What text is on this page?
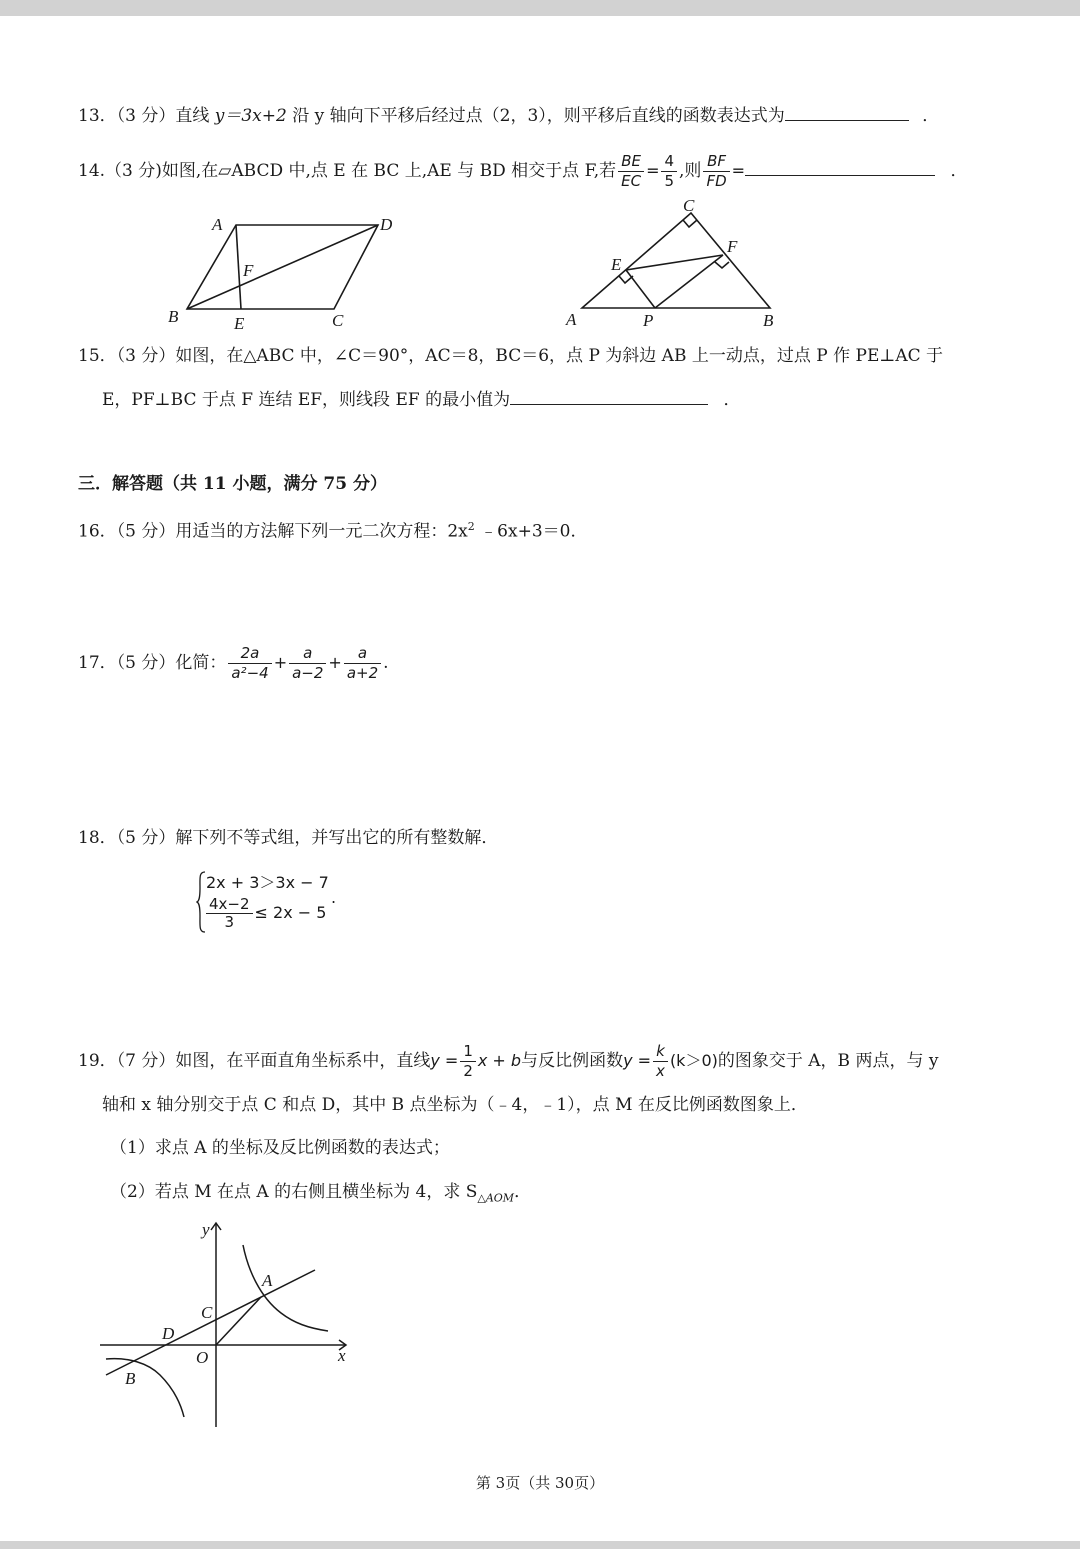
13．（3 分）直线 y＝3x+2 沿 y 轴向下平移后经过点（2，3），则平移后直线的函数表达式为	．
14.（3 分)如图,在▱ABCD 中,点 E 在 BC 上,AE 与 BD 相交于点 F,若 $\frac{BE}{EC} = \frac{4}{5}$ ,则 $\frac{BF}{FD}$ =	．
A	D
F
B	E	C
C
F
E
A	P	B
15．（3 分）如图，在△ABC 中，∠C＝90°，AC＝8，BC＝6，点 P 为斜边 AB 上一动点，过点 P 作 PE⊥AC 于
E，PF⊥BC 于点 F 连结 EF，则线段 EF 的最小值为	．
三．解答题（共 11 小题，满分 75 分）
16．（5 分）用适当的方法解下列一元二次方程：$2x^2$ ﹣6x+3＝0．
17．（5 分）化简： $\frac{2a}{\text{a²−4}} + \frac{a}{a-2} + \frac{a}{a+2}$ .
18．（5 分）解下列不等式组，并写出它的所有整数解．
2x + 3＞3x − 7
$\frac{4x-2}{3} \le 2x - 5$
.
19．（7 分）如图，在平面直角坐标系中，直线$y = \frac{1}{2}$ x + b与反比例函数$y = \frac{k}{x} (k>0)$的图象交于 A，B 两点，与 y
轴和 x 轴分别交于点 C 和点 D，其中 B 点坐标为（﹣4，﹣1），点 M 在反比例函数图象上．
（1）求点 A 的坐标及反比例函数的表达式；
（2）若点 M 在点 A 的右侧且横坐标为 4，求 $S_{\triangle AOM}$．
y
x
O
A
C
D
B
第 3页（共 30页）
